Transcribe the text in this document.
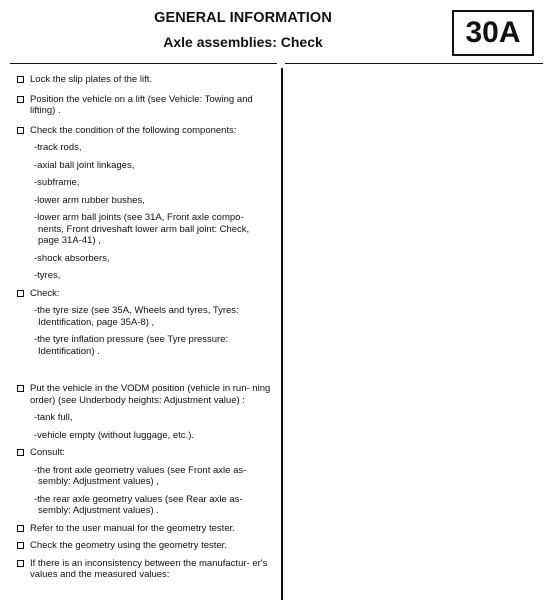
GENERAL INFORMATION
Axle assemblies: Check	30A
Lock the slip plates of the lift.
Position the vehicle on a lift (see Vehicle: Towing and lifting) .
Check the condition of the following components:
-track rods,
-axial ball joint linkages,
-subframe,
-lower arm rubber bushes,
-lower arm ball joints (see 31A, Front axle compo- nents, Front driveshaft lower arm ball joint: Check, page 31A-41) ,
-shock absorbers,
-tyres,
Check:
-the tyre size (see 35A, Wheels and tyres, Tyres: Identification, page 35A-8) ,
-the tyre inflation pressure (see Tyre pressure: Identification) .
Put the vehicle in the VODM position (vehicle in run- ning order) (see Underbody heights: Adjustment value) :
-tank full,
-vehicle empty (without luggage, etc.).
Consult:
-the front axle geometry values (see Front axle as- sembly: Adjustment values) ,
-the rear axle geometry values (see Rear axle as- sembly: Adjustment values) .
Refer to the user manual for the geometry tester.
Check the geometry using the geometry tester.
If there is an inconsistency between the manufactur- er's values and the measured values:
